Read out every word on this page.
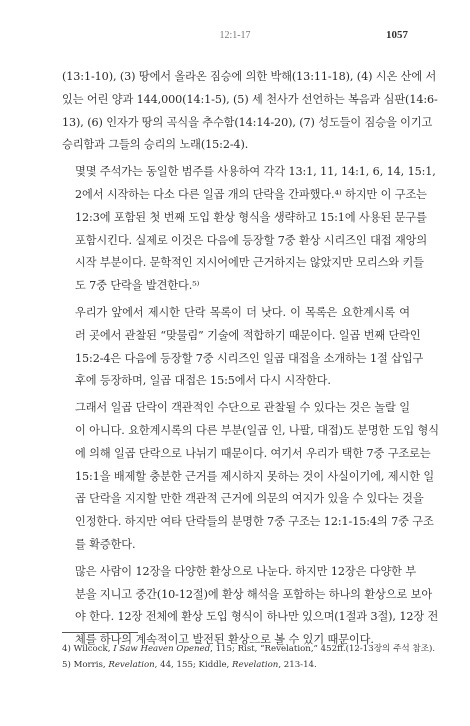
12:1-17	1057

(13:1-10), (3) 땅에서 올라온 짐승에 의한 박해(13:11-18), (4) 시온 산에 서
있는 어린 양과 144,000(14:1-5), (5) 세 천사가 선언하는 복음과 심판(14:6-
13), (6) 인자가 땅의 곡식을 추수함(14:14-20), (7) 성도들이 짐승을 이기고
승리함과 그들의 승리의 노래(15:2-4).

몇몇 주석가는 동일한 범주를 사용하여 각각 13:1, 11, 14:1, 6, 14, 15:1,
2에서 시작하는 다소 다른 일곱 개의 단락을 간파했다.⁴⁾ 하지만 이 구조는
12:3에 포함된 첫 번째 도입 환상 형식을 생략하고 15:1에 사용된 문구를
포함시킨다. 실제로 이것은 다음에 등장할 7중 환상 시리즈인 대접 재앙의
시작 부분이다. 문학적인 지시어에만 근거하지는 않았지만 모리스와 키들
도 7중 단락을 발견한다.⁵⁾

우리가 앞에서 제시한 단락 목록이 더 낫다. 이 목록은 요한계시록 여
러 곳에서 관찰된 “맞물림” 기술에 적합하기 때문이다. 일곱 번째 단락인
15:2-4은 다음에 등장할 7중 시리즈인 일곱 대접을 소개하는 1절 삽입구
후에 등장하며, 일곱 대접은 15:5에서 다시 시작한다.

그래서 일곱 단락이 객관적인 수단으로 관찰될 수 있다는 것은 놀랄 일
이 아니다. 요한계시록의 다른 부분(일곱 인, 나팔, 대접)도 분명한 도입 형식
에 의해 일곱 단락으로 나뉘기 때문이다. 여기서 우리가 택한 7중 구조로는
15:1을 배제할 충분한 근거를 제시하지 못하는 것이 사실이기에, 제시한 일
곱 단락을 지지할 만한 객관적 근거에 의문의 여지가 있을 수 있다는 것을
인정한다. 하지만 여타 단락들의 분명한 7중 구조는 12:1-15:4의 7중 구조
를 확증한다.

많은 사람이 12장을 다양한 환상으로 나눈다. 하지만 12장은 다양한 부
분을 지니고 중간(10-12절)에 환상 해석을 포함하는 하나의 환상으로 보아
야 한다. 12장 전체에 환상 도입 형식이 하나만 있으며(1절과 3절), 12장 전
체를 하나의 계속적이고 발전된 환상으로 볼 수 있기 때문이다.

4) Wilcock, I Saw Heaven Opened, 115; Rist, “Revelation,” 452ff.(12-13장의 주석 참조).
5) Morris, Revelation, 44, 155; Kiddle, Revelation, 213-14.
